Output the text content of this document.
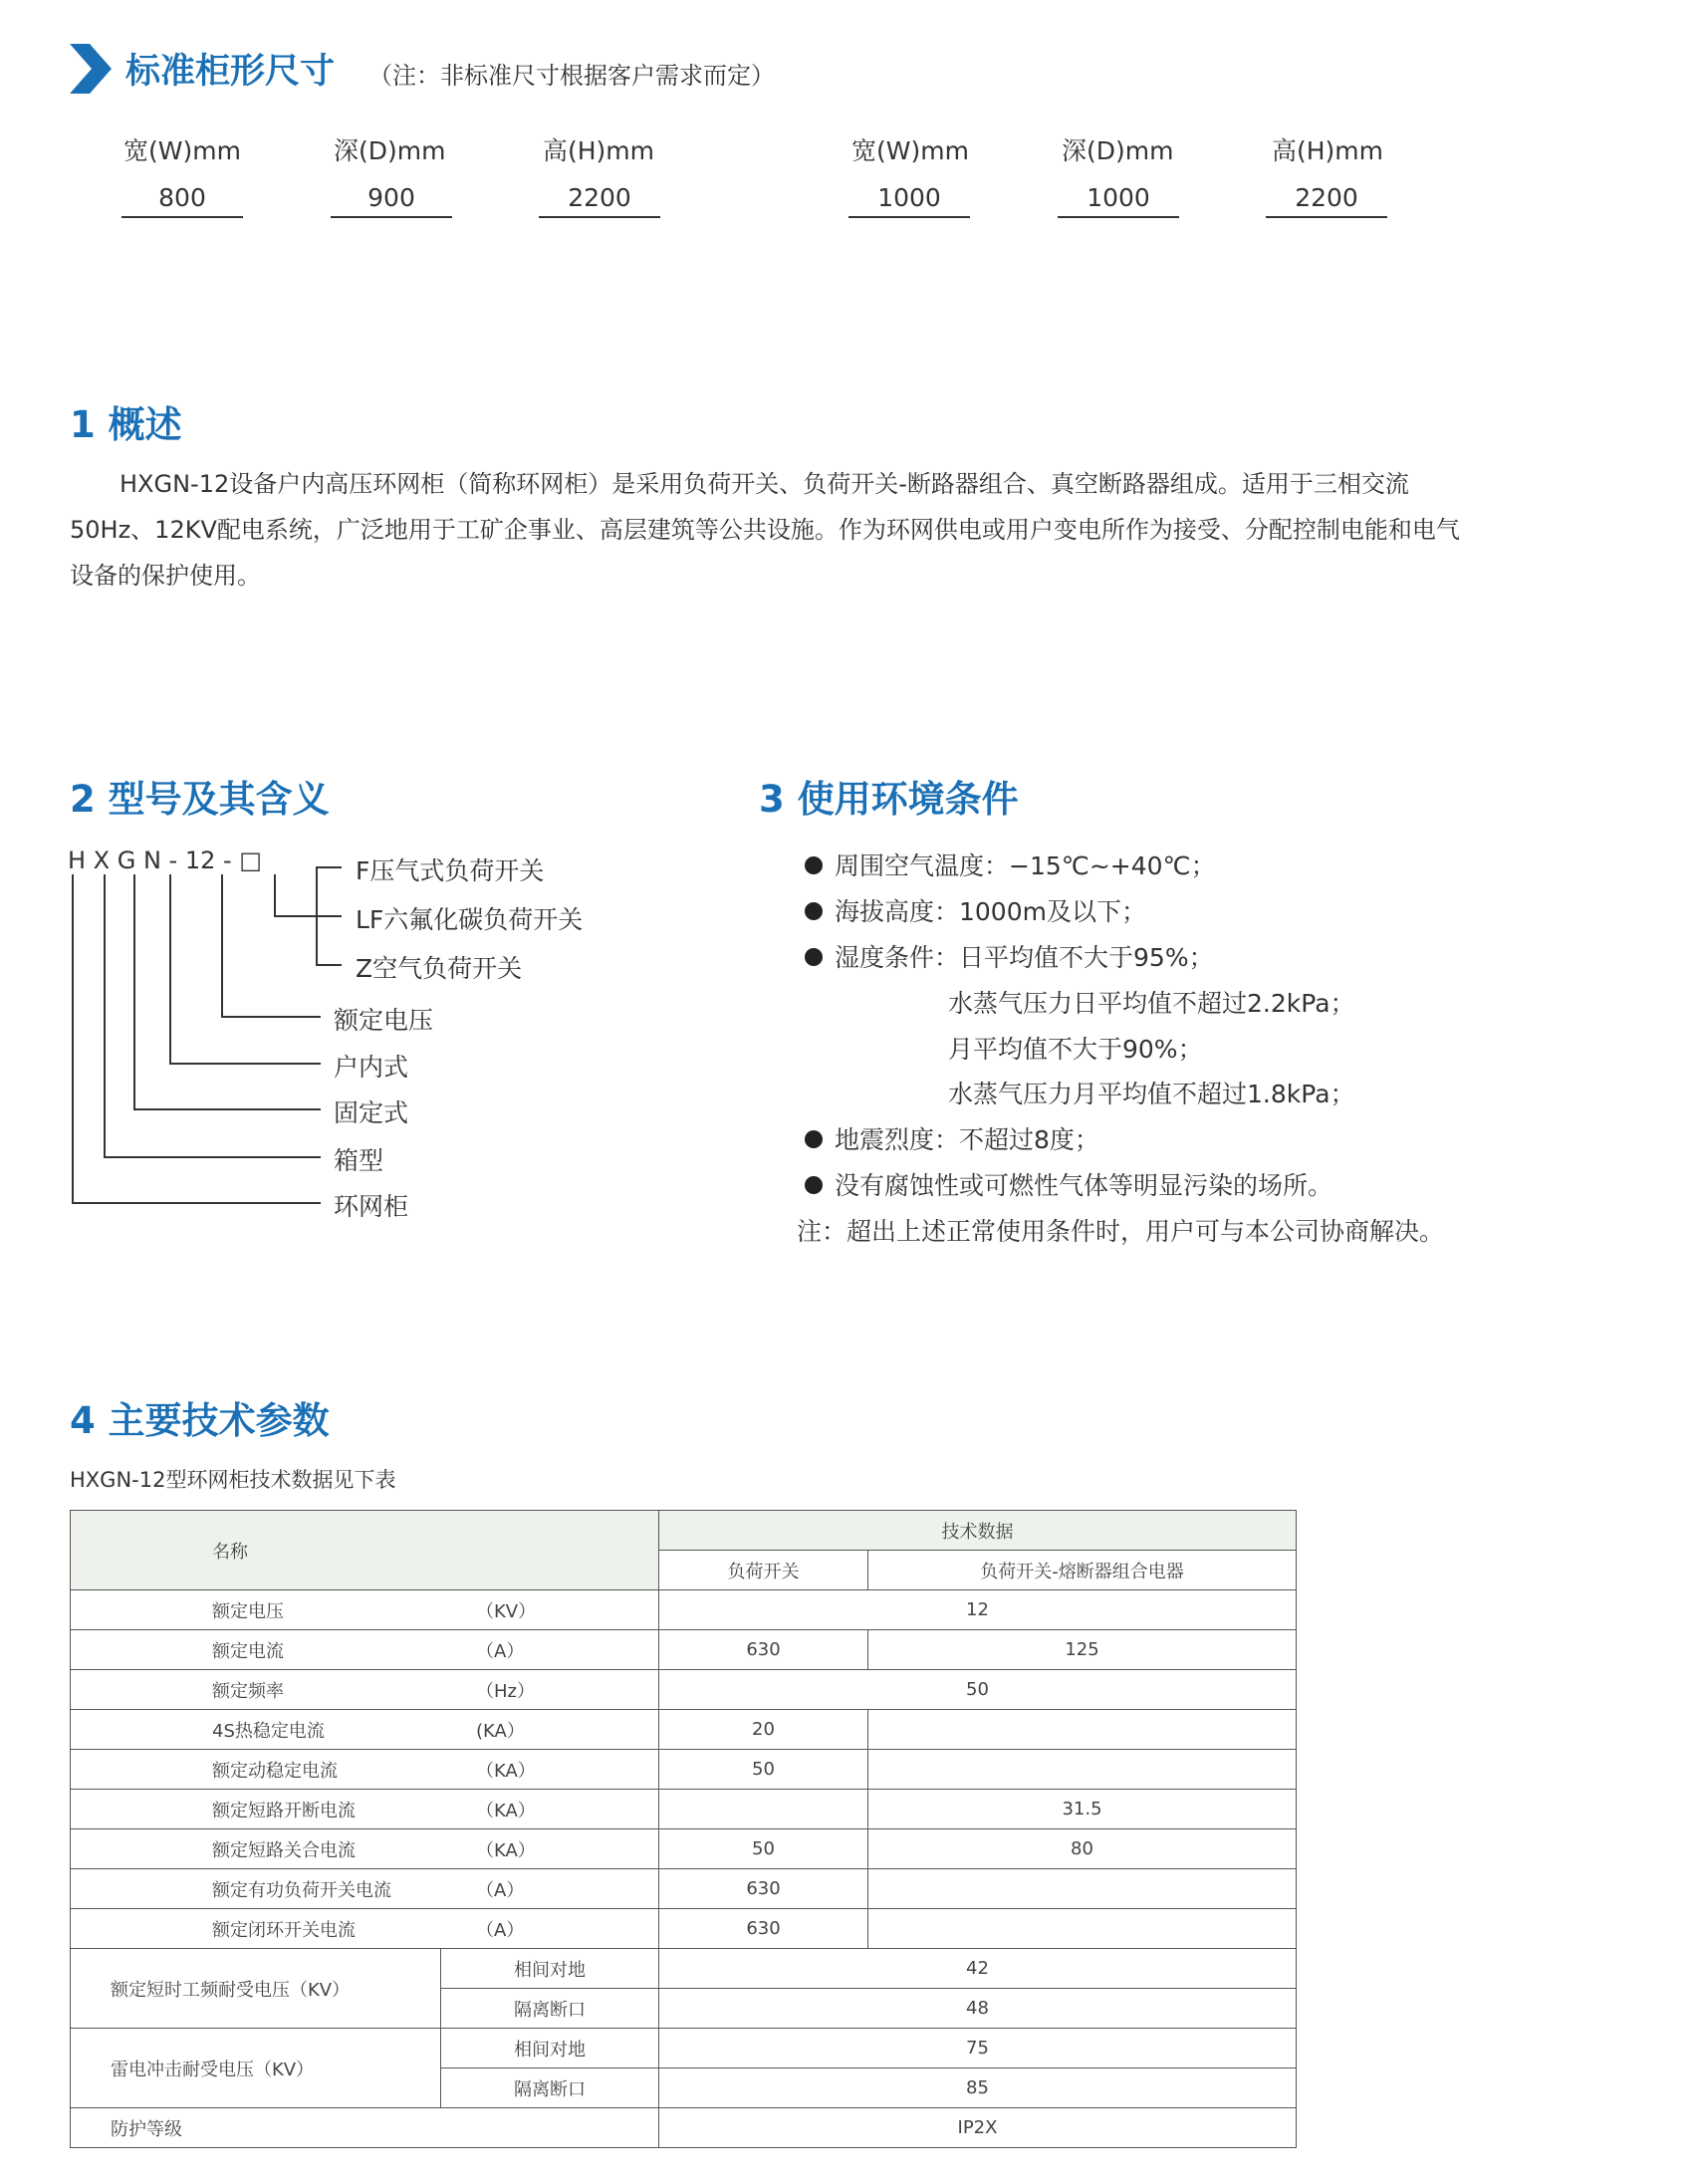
标准柜形尺寸 （注：非标准尺寸根据客户需求而定）
宽(W)mm	深(D)mm	高(H)mm	宽(W)mm	深(D)mm	高(H)mm
800	900	2200	1000	1000	2200
1 概述
HXGN-12设备户内高压环网柜（简称环网柜）是采用负荷开关、负荷开关-断路器组合、真空断路器组成。适用于三相交流50Hz、12KV配电系统，广泛地用于工矿企事业、高层建筑等公共设施。作为环网供电或用户变电所作为接受、分配控制电能和电气设备的保护使用。
2 型号及其含义
H X G N - 12 - □	F压气式负荷开关
LF六氟化碳负荷开关
Z空气负荷开关
额定电压
户内式
固定式
箱型
环网柜
3 使用环境条件
周围空气温度：−15℃~+40℃；
海拔高度：1000m及以下；
湿度条件：日平均值不大于95%；
水蒸气压力日平均值不超过2.2kPa；
月平均值不大于90%；
水蒸气压力月平均值不超过1.8kPa；
地震烈度：不超过8度；
没有腐蚀性或可燃性气体等明显污染的场所。
注：超出上述正常使用条件时，用户可与本公司协商解决。
4 主要技术参数
HXGN-12型环网柜技术数据见下表
名称		技术数据	
		负荷开关	负荷开关-熔断器组合电器
额定电压 （KV）		12	
额定电流 （A）		630	125
额定频率 （Hz）		50	
4S热稳定电流 (KA）		20	
额定动稳定电流 （KA）		50	
额定短路开断电流 （KA）			31.5
额定短路关合电流 （KA）		50	80
额定有功负荷开关电流 （A）		630	
额定闭环开关电流 （A）		630	
额定短时工频耐受电压（KV）	相间对地	42	
	隔离断口	48	
雷电冲击耐受电压（KV）	相间对地	75	
	隔离断口	85	
防护等级		IP2X	
